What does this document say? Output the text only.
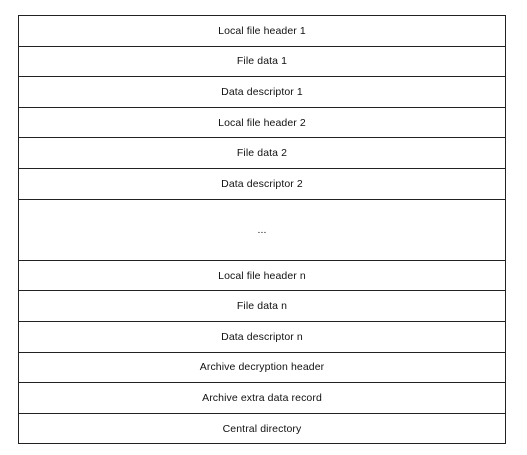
Local file header 1
File data 1
Data descriptor 1
Local file header 2
File data 2
Data descriptor 2
...
Local file header n
File data n
Data descriptor n
Archive decryption header
Archive extra data record
Central directory
